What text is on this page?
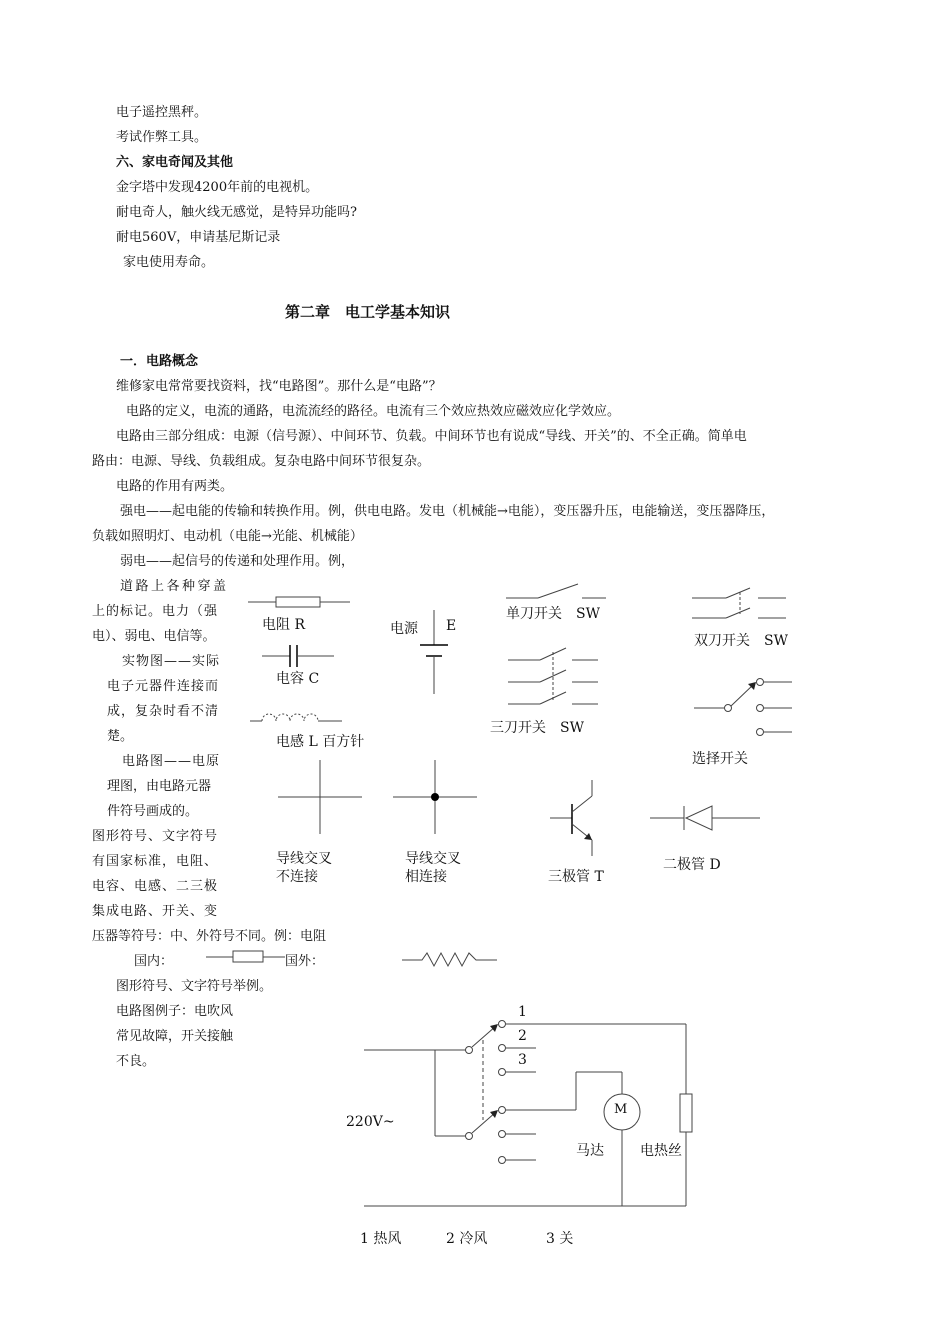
电子遥控黑秤。
考试作弊工具。
六、家电奇闻及其他
金字塔中发现4200年前的电视机。
耐电奇人，触火线无感觉，是特异功能吗?
耐电560V，申请基尼斯记录
家电使用寿命。
第二章　电工学基本知识
一．电路概念
维修家电常常要找资料，找“电路图”。那什么是“电路”？
电路的定义，电流的通路，电流流经的路径。电流有三个效应热效应磁效应化学效应。
电路由三部分组成：电源（信号源）、中间环节、负载。中间环节也有说成“导线、开关”的、不全正确。简单电
路由：电源、导线、负载组成。复杂电路中间环节很复杂。
电路的作用有两类。
强电——起电能的传输和转换作用。例，供电电路。发电（机械能→电能），变压器升压，电能输送，变压器降压，
负载如照明灯、电动机（电能→光能、机械能）
弱电——起信号的传递和处理作用。例，
道路上各种穿盖
上的标记。电力（强
电）、弱电、电信等。
实物图——实际
电子元器件连接而
成，复杂时看不清
楚。
电路图——电原
理图，由电路元器
件符号画成的。
图形符号、文字符号
有国家标准，电阻、
电容、电感、二三极
集成电路、开关、变
压器等符号：中、外符号不同。例：电阻
国内：	国外：
图形符号、文字符号举例。
电路图例子：电吹风
常见故障，开关接触
不良。
电阻 R	电源 E
电容 C
电感 L 百方针
单刀开关　SW
双刀开关　SW
三刀开关　SW
选择开关
导线交叉
不连接
导线交叉
相连接	三极管 T
二极管 D
1
2
3
220V~
M
马达	电热丝
1 热风	2 冷风	3 关
